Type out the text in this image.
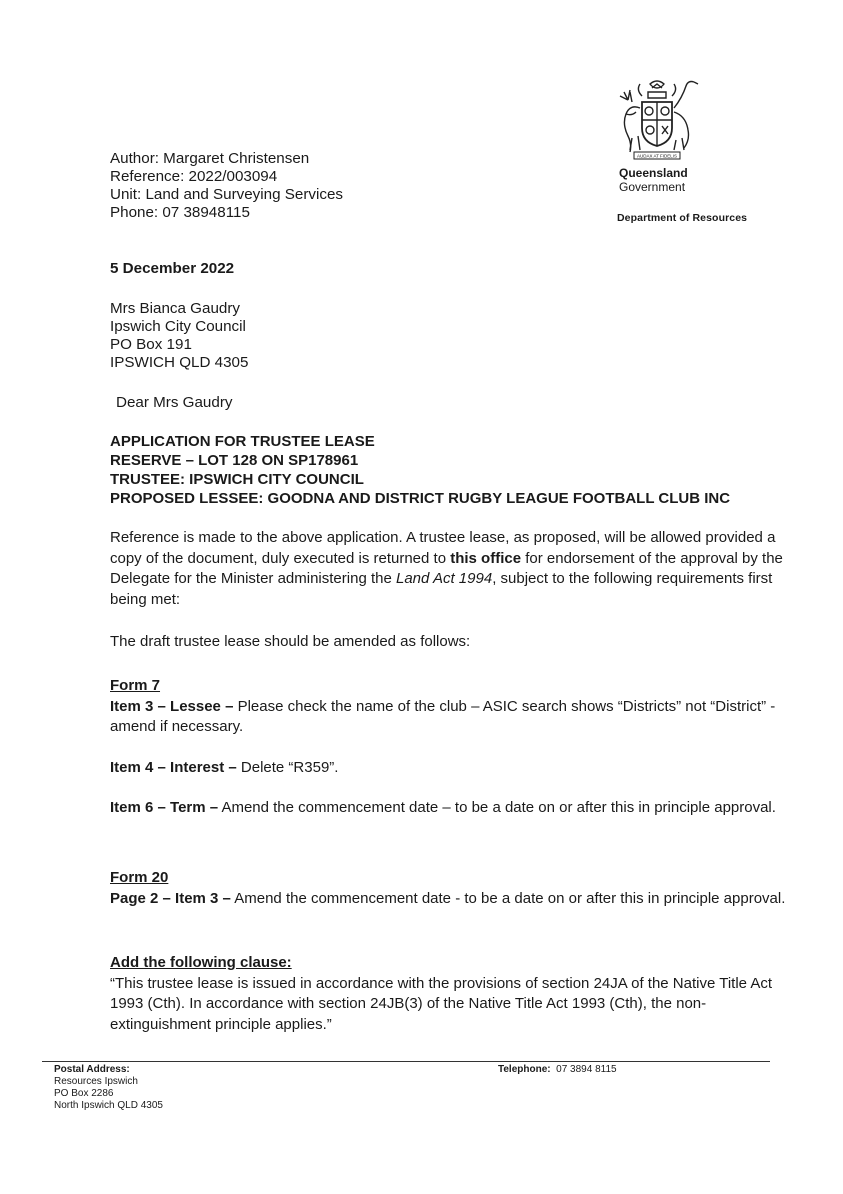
AUDAX AT FIDELIS
Queensland
Government
Department of Resources
Author: Margaret Christensen
Reference: 2022/003094
Unit: Land and Surveying Services
Phone: 07 38948115
5 December 2022
Mrs Bianca Gaudry
Ipswich City Council
PO Box 191
IPSWICH QLD 4305
Dear Mrs Gaudry
APPLICATION FOR TRUSTEE LEASE
RESERVE – LOT 128 ON SP178961
TRUSTEE: IPSWICH CITY COUNCIL
PROPOSED LESSEE: GOODNA AND DISTRICT RUGBY LEAGUE FOOTBALL CLUB INC

Reference is made to the above application. A trustee lease, as proposed, will be allowed provided a copy of the document, duly executed is returned to this office for endorsement of the approval by the Delegate for the Minister administering the Land Act 1994, subject to the following requirements first being met:

The draft trustee lease should be amended as follows:

Form 7

Item 3 – Lessee – Please check the name of the club – ASIC search shows “Districts” not “District” - amend if necessary.

Item 4 – Interest – Delete “R359”.

Item 6 – Term – Amend the commencement date – to be a date on or after this in principle approval.

Form 20

Page 2 – Item 3 – Amend the commencement date - to be a date on or after this in principle approval.

Add the following clause:

“This trustee lease is issued in accordance with the provisions of section 24JA of the Native Title Act 1993 (Cth). In accordance with section 24JB(3) of the Native Title Act 1993 (Cth), the non-extinguishment principle applies.”

Postal Address:
Resources Ipswich
PO Box 2286
North Ipswich QLD 4305
Telephone: 07 3894 8115
